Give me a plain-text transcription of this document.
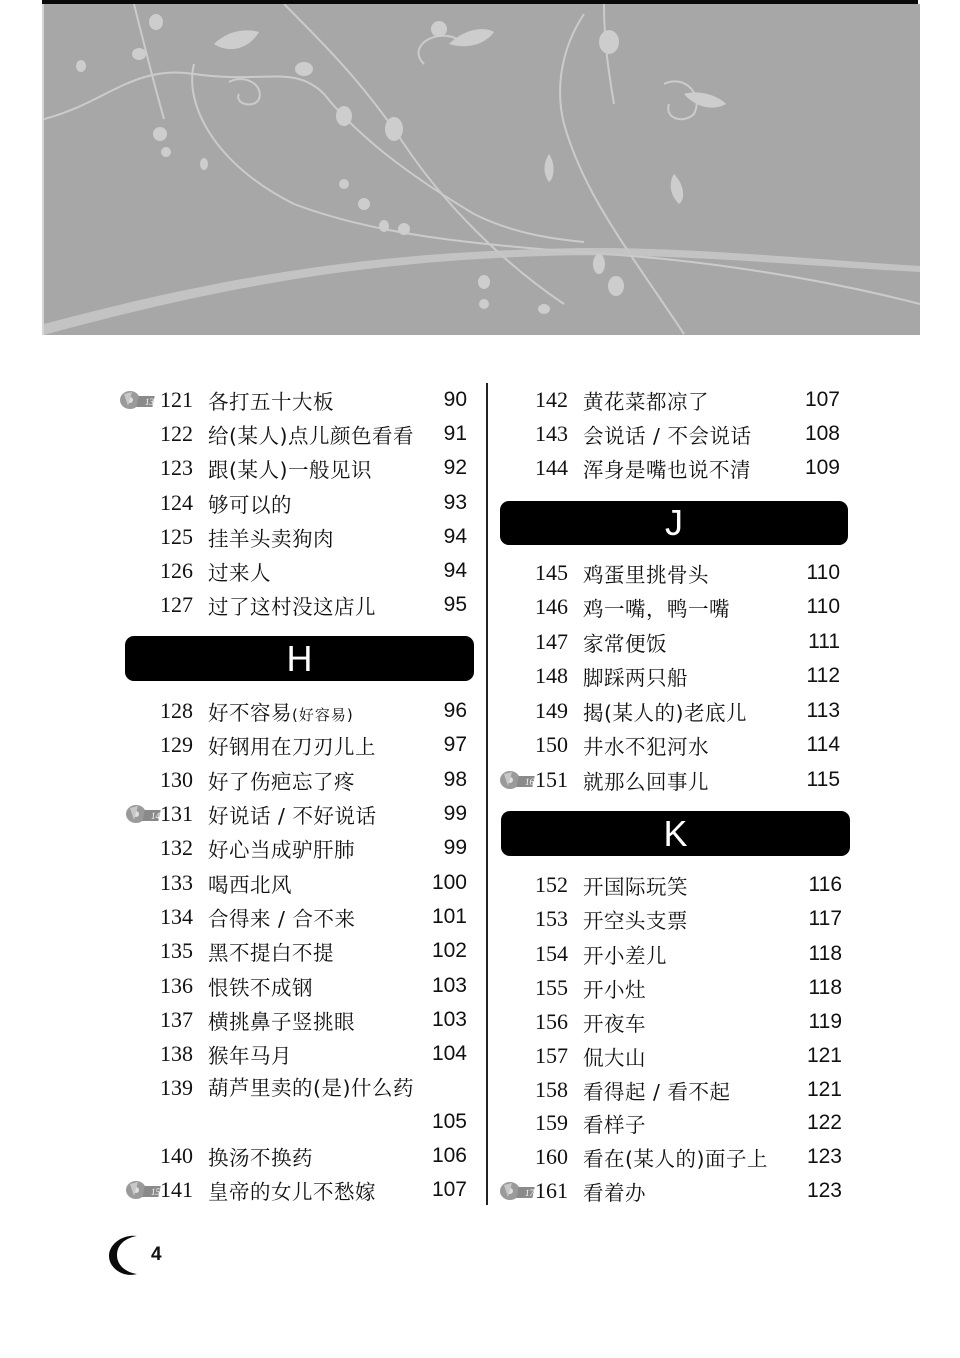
13 121 各打五十大板	90
122 给(某人)点儿颜色看看 91
123 跟(某人)一般见识	92
124 够可以的	93
125 挂羊头卖狗肉	94
126 过来人	94
127 过了这村没这店儿	95
H
128 好不容易(好容易)	96
129 好钢用在刀刃儿上	97
130 好了伤疤忘了疼	98
14 131 好说话 / 不好说话	99
132 好心当成驴肝肺	99
133 喝西北风	100
134 合得来 / 合不来	101
135 黑不提白不提	102
136 恨铁不成钢	103
137 横挑鼻子竖挑眼	103
138 猴年马月	104
139 葫芦里卖的(是)什么药
105
140 换汤不换药	106
15 141 皇帝的女儿不愁嫁	107
142 黄花菜都凉了	107
143 会说话 / 不会说话	108
144 浑身是嘴也说不清	109
J
145 鸡蛋里挑骨头	110
146 鸡一嘴，鸭一嘴	110
147 家常便饭	111
148 脚踩两只船	112
149 揭(某人的)老底儿	113
150 井水不犯河水	114
16 151 就那么回事儿	115
K
152 开国际玩笑	116
153 开空头支票	117
154 开小差儿	118
155 开小灶	118
156 开夜车	119
157 侃大山	121
158 看得起 / 看不起	121
159 看样子	122
160 看在(某人的)面子上 123
17 161 看着办	123
4
